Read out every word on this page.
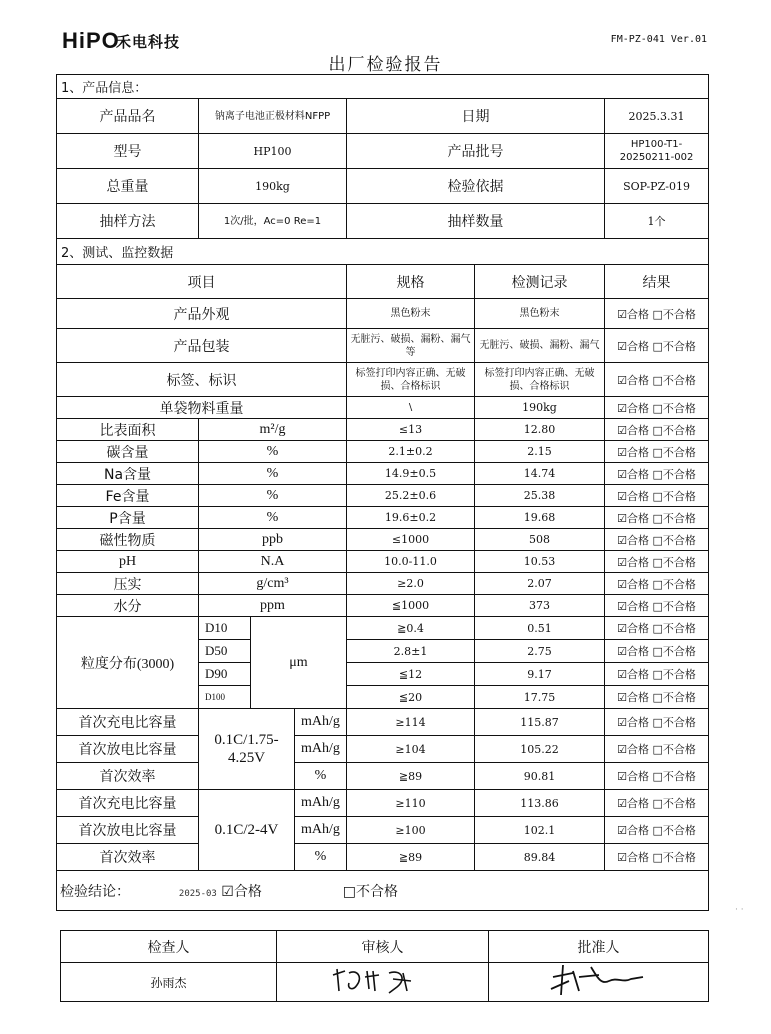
HiPO
禾电科技	FM-PZ-041 Ver.01
出厂检验报告
1、产品信息：						
产品品名	钠离子电池正极材料NFPP			日期		2025.3.31
型号	HP100			产品批号		HP100-T1-20250211-002
总重量	190kg			检验依据		SOP-PZ-019
抽样方法	1次/批，Ac=0 Re=1			抽样数量		1个
2、测试、监控数据						
项目				规格	检测记录	结果
产品外观				黑色粉末	黑色粉末	☑合格 □不合格
产品包装				无脏污、破损、漏粉、漏气等	无脏污、破损、漏粉、漏气	☑合格 □不合格
标签、标识				标签打印内容正确、无破损、合格标识	标签打印内容正确、无破损、合格标识	☑合格 □不合格
单袋物料重量				\	190kg	☑合格 □不合格
比表面积	m²/g			≤13	12.80	☑合格 □不合格
碳含量	%			2.1±0.2	2.15	☑合格 □不合格
Na含量	%			14.9±0.5	14.74	☑合格 □不合格
Fe含量	%			25.2±0.6	25.38	☑合格 □不合格
P含量	%			19.6±0.2	19.68	☑合格 □不合格
磁性物质	ppb			≤1000	508	☑合格 □不合格
pH	N.A			10.0-11.0	10.53	☑合格 □不合格
压实	g/cm³			≥2.0	2.07	☑合格 □不合格
水分	ppm			≦1000	373	☑合格 □不合格
粒度分布(3000)	D10	μm		≧0.4	0.51	☑合格 □不合格
	D50			2.8±1	2.75	☑合格 □不合格
	D90			≦12	9.17	☑合格 □不合格
	D100			≦20	17.75	☑合格 □不合格
首次充电比容量	0.1C/1.75-4.25V		mAh/g	≥114	115.87	☑合格 □不合格
首次放电比容量			mAh/g	≥104	105.22	☑合格 □不合格
首次效率			%	≧89	90.81	☑合格 □不合格
首次充电比容量	0.1C/2-4V		mAh/g	≥110	113.86	☑合格 □不合格
首次放电比容量			mAh/g	≥100	102.1	☑合格 □不合格
首次效率			%	≧89	89.84	☑合格 □不合格
检验结论： 2025-03 ☑合格 □不合格						
检查人	审核人	批准人
孙雨杰		
· ·
